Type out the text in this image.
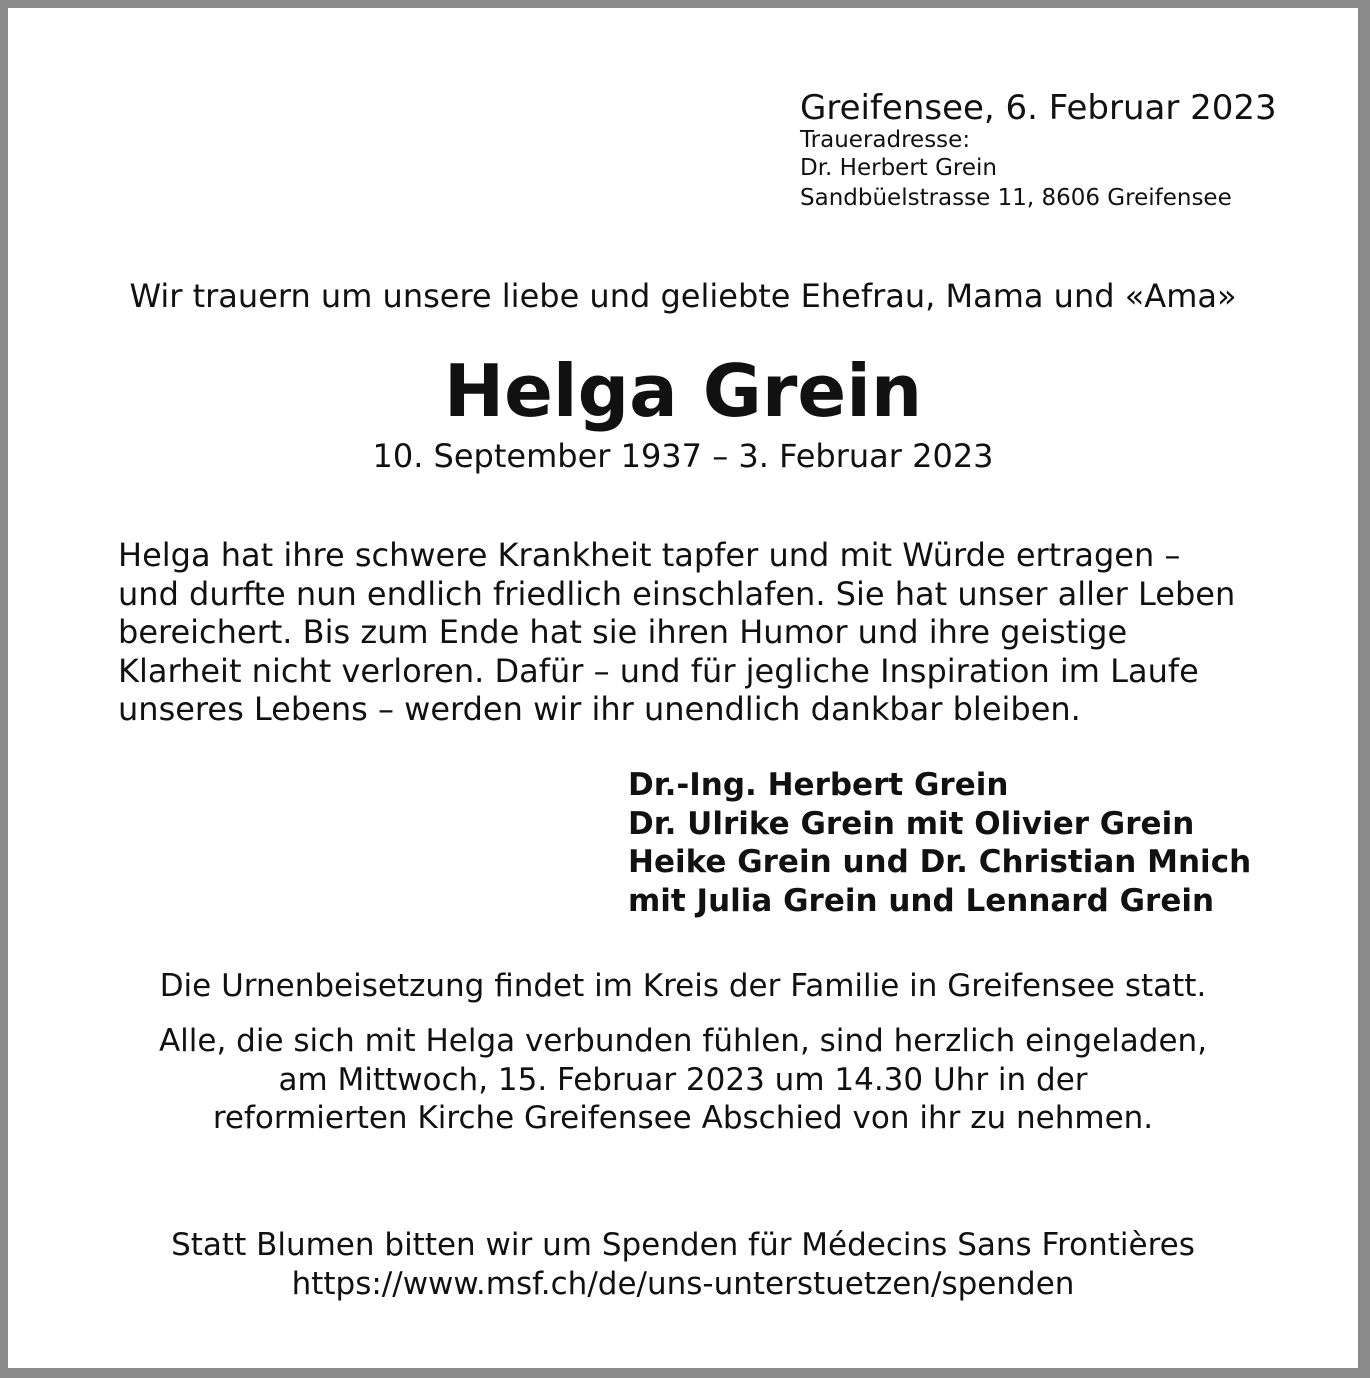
Greifensee, 6. Februar 2023
Traueradresse:
Dr. Herbert Grein
Sandbüelstrasse 11, 8606 Greifensee
Wir trauern um unsere liebe und geliebte Ehefrau, Mama und «Ama»
Helga Grein
10. September 1937 – 3. Februar 2023
Helga hat ihre schwere Krankheit tapfer und mit Würde ertragen –
und durfte nun endlich friedlich einschlafen. Sie hat unser aller Leben
bereichert. Bis zum Ende hat sie ihren Humor und ihre geistige
Klarheit nicht verloren. Dafür – und für jegliche Inspiration im Laufe
unseres Lebens – werden wir ihr unendlich dankbar bleiben.
Dr.-Ing. Herbert Grein
Dr. Ulrike Grein mit Olivier Grein
Heike Grein und Dr. Christian Mnich
mit Julia Grein und Lennard Grein
Die Urnenbeisetzung findet im Kreis der Familie in Greifensee statt.
Alle, die sich mit Helga verbunden fühlen, sind herzlich eingeladen,
am Mittwoch, 15. Februar 2023 um 14.30 Uhr in der
reformierten Kirche Greifensee Abschied von ihr zu nehmen.
Statt Blumen bitten wir um Spenden für Médecins Sans Frontières
https://www.msf.ch/de/uns-unterstuetzen/spenden
